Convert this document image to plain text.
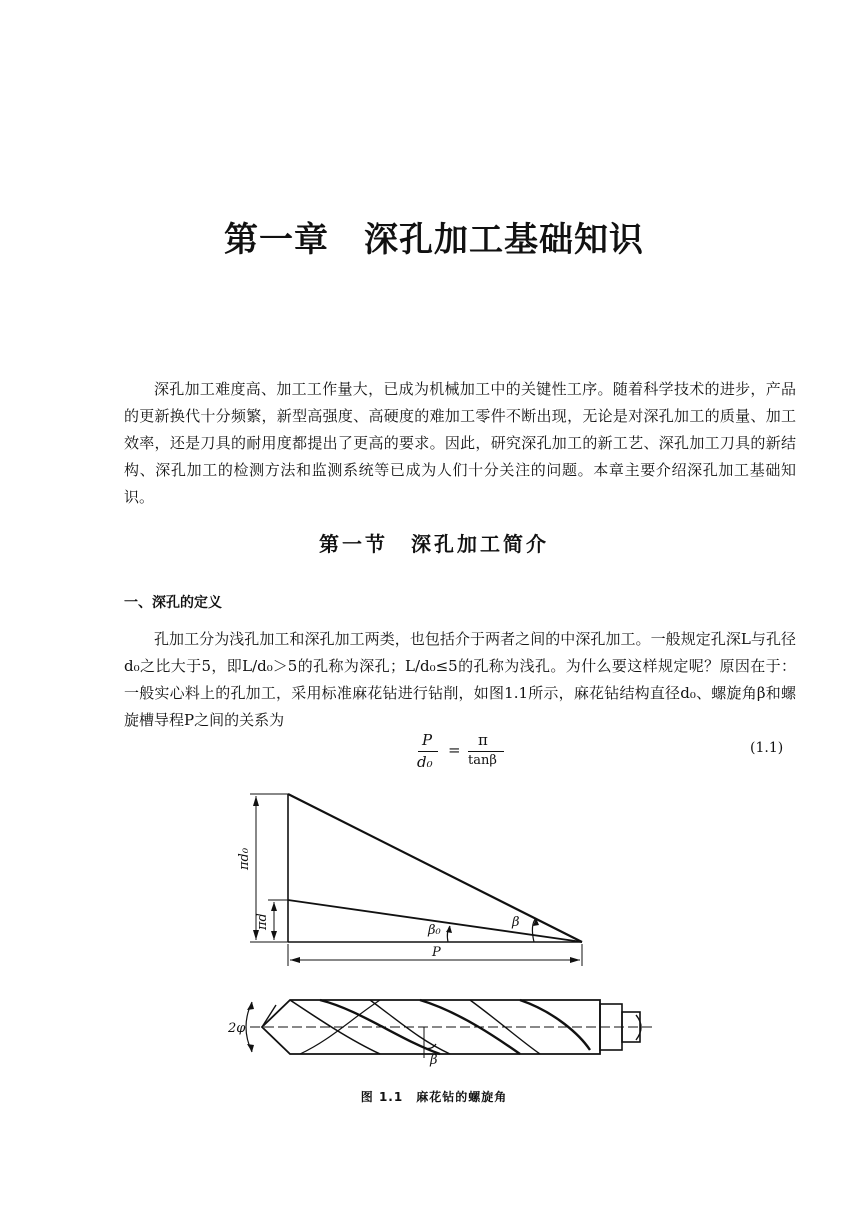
第一章　深孔加工基础知识

深孔加工难度高、加工工作量大，已成为机械加工中的关键性工序。随着科学技术的进步，产品的更新换代十分频繁，新型高强度、高硬度的难加工零件不断出现，无论是对深孔加工的质量、加工效率，还是刀具的耐用度都提出了更高的要求。因此，研究深孔加工的新工艺、深孔加工刀具的新结构、深孔加工的检测方法和监测系统等已成为人们十分关注的问题。本章主要介绍深孔加工基础知识。

第一节　深孔加工简介
一、深孔的定义

孔加工分为浅孔加工和深孔加工两类，也包括介于两者之间的中深孔加工。一般规定孔深L与孔径d₀之比大于5，即L/d₀＞5的孔称为深孔；L/d₀≤5的孔称为浅孔。为什么要这样规定呢？原因在于：一般实心料上的孔加工，采用标准麻花钻进行钻削，如图1.1所示，麻花钻结构直径d₀、螺旋角β和螺旋槽导程P之间的关系为

P
d₀
=
π
tanβ
(1.1)
πd₀
πd
P
β
β₀
2φ
β

图 1.1　麻花钻的螺旋角
